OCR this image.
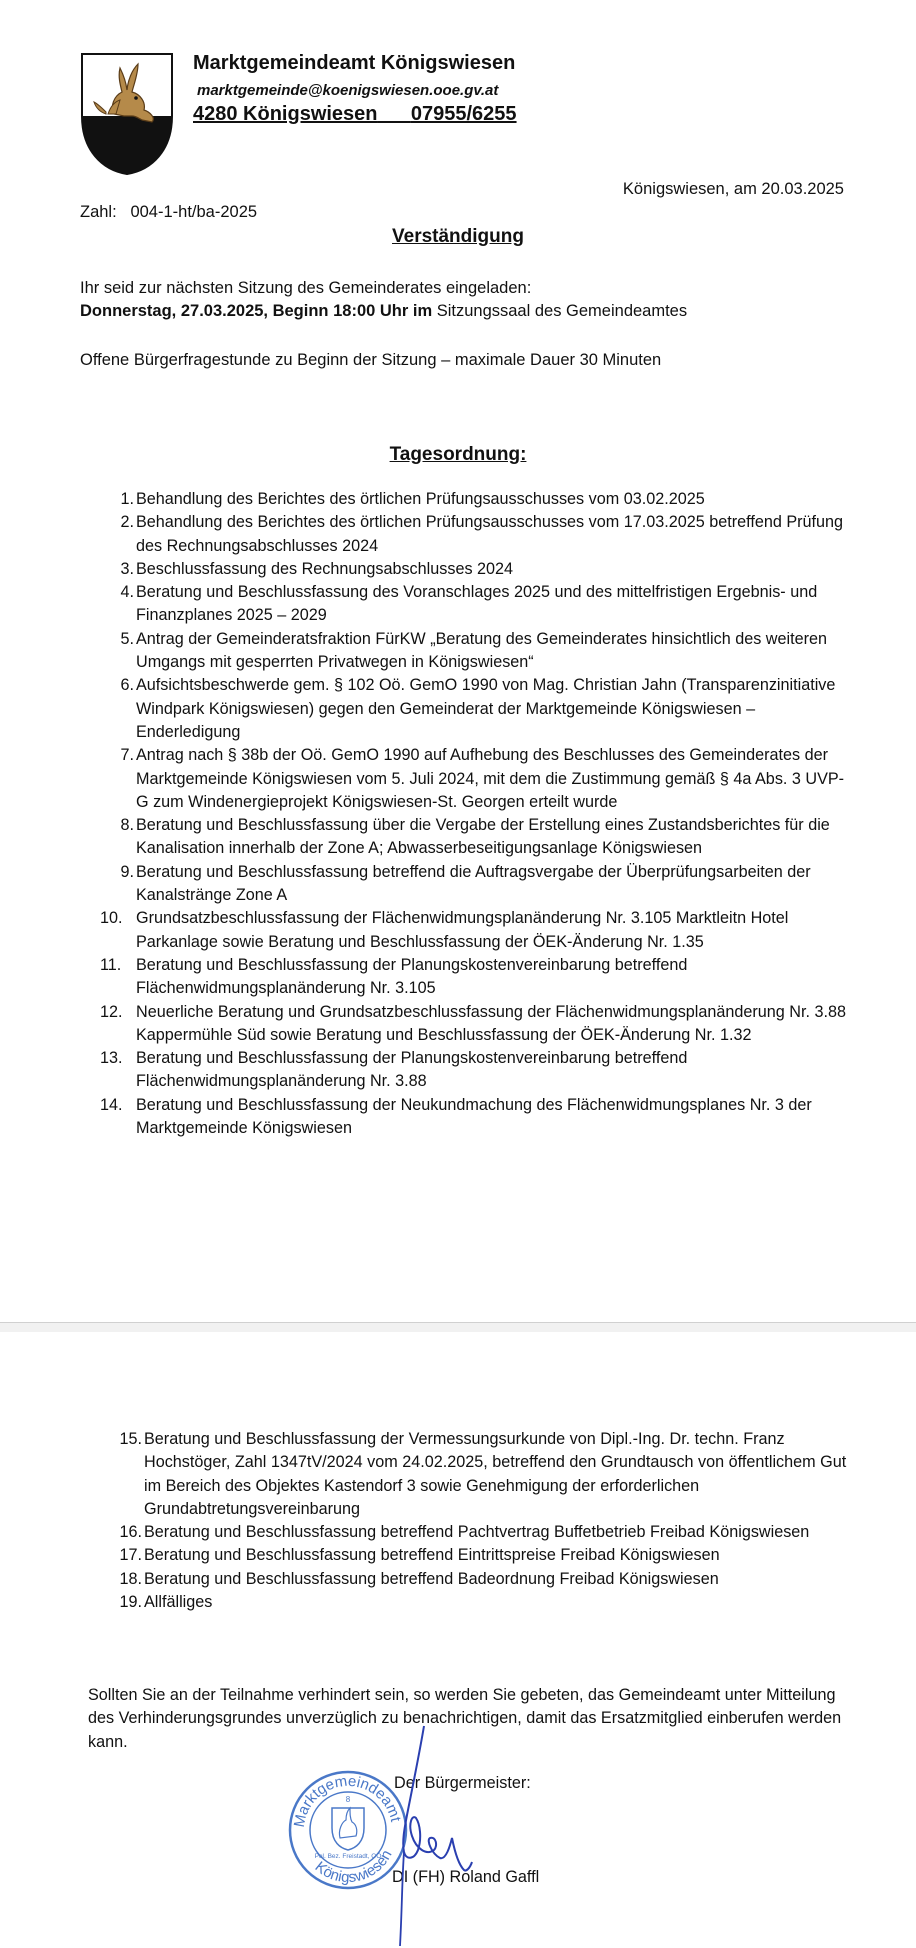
Marktgemeindeamt Königswiesen
marktgemeinde@koenigswiesen.ooe.gv.at
4280 Königswiesen 07955/6255
Königswiesen, am 20.03.2025
Zahl: 004-1-ht/ba-2025
Verständigung
Ihr seid zur nächsten Sitzung des Gemeinderates eingeladen:
Donnerstag, 27.03.2025, Beginn 18:00 Uhr im Sitzungssaal des Gemeindeamtes
Offene Bürgerfragestunde zu Beginn der Sitzung – maximale Dauer 30 Minuten
Tagesordnung:
1. Behandlung des Berichtes des örtlichen Prüfungsausschusses vom 03.02.2025
2. Behandlung des Berichtes des örtlichen Prüfungsausschusses vom 17.03.2025 betreffend Prüfung des Rechnungsabschlusses 2024
3. Beschlussfassung des Rechnungsabschlusses 2024
4. Beratung und Beschlussfassung des Voranschlages 2025 und des mittelfristigen Ergebnis- und Finanzplanes 2025 – 2029
5. Antrag der Gemeinderatsfraktion FürKW „Beratung des Gemeinderates hinsichtlich des weiteren Umgangs mit gesperrten Privatwegen in Königswiesen“
6. Aufsichtsbeschwerde gem. § 102 Oö. GemO 1990 von Mag. Christian Jahn (Transparenzinitiative Windpark Königswiesen) gegen den Gemeinderat der Marktgemeinde Königswiesen – Enderledigung
7. Antrag nach § 38b der Oö. GemO 1990 auf Aufhebung des Beschlusses des Gemeinderates der Marktgemeinde Königswiesen vom 5. Juli 2024, mit dem die Zustimmung gemäß § 4a Abs. 3 UVP-G zum Windenergieprojekt Königswiesen-St. Georgen erteilt wurde
8. Beratung und Beschlussfassung über die Vergabe der Erstellung eines Zustandsberichtes für die Kanalisation innerhalb der Zone A; Abwasserbeseitigungsanlage Königswiesen
9. Beratung und Beschlussfassung betreffend die Auftragsvergabe der Überprüfungsarbeiten der Kanalstränge Zone A
10. Grundsatzbeschlussfassung der Flächenwidmungsplanänderung Nr. 3.105 Marktleitn Hotel Parkanlage sowie Beratung und Beschlussfassung der ÖEK-Änderung Nr. 1.35
11. Beratung und Beschlussfassung der Planungskostenvereinbarung betreffend Flächenwidmungsplanänderung Nr. 3.105
12. Neuerliche Beratung und Grundsatzbeschlussfassung der Flächenwidmungsplanänderung Nr. 3.88 Kappermühle Süd sowie Beratung und Beschlussfassung der ÖEK-Änderung Nr. 1.32
13. Beratung und Beschlussfassung der Planungskostenvereinbarung betreffend Flächenwidmungsplanänderung Nr. 3.88
14. Beratung und Beschlussfassung der Neukundmachung des Flächenwidmungsplanes Nr. 3 der Marktgemeinde Königswiesen
15. Beratung und Beschlussfassung der Vermessungsurkunde von Dipl.-Ing. Dr. techn. Franz Hochstöger, Zahl 1347tV/2024 vom 24.02.2025, betreffend den Grundtausch von öffentlichem Gut im Bereich des Objektes Kastendorf 3 sowie Genehmigung der erforderlichen Grundabtretungsvereinbarung
16. Beratung und Beschlussfassung betreffend Pachtvertrag Buffetbetrieb Freibad Königswiesen
17. Beratung und Beschlussfassung betreffend Eintrittspreise Freibad Königswiesen
18. Beratung und Beschlussfassung betreffend Badeordnung Freibad Königswiesen
19. Allfälliges
Sollten Sie an der Teilnahme verhindert sein, so werden Sie gebeten, das Gemeindeamt unter Mitteilung des Verhinderungsgrundes unverzüglich zu benachrichtigen, damit das Ersatzmitglied einberufen werden kann.
Marktgemeindeamt
Königswiesen
Pol. Bez. Freistadt, OÖ
8
Der Bürgermeister:
DI (FH) Roland Gaffl
